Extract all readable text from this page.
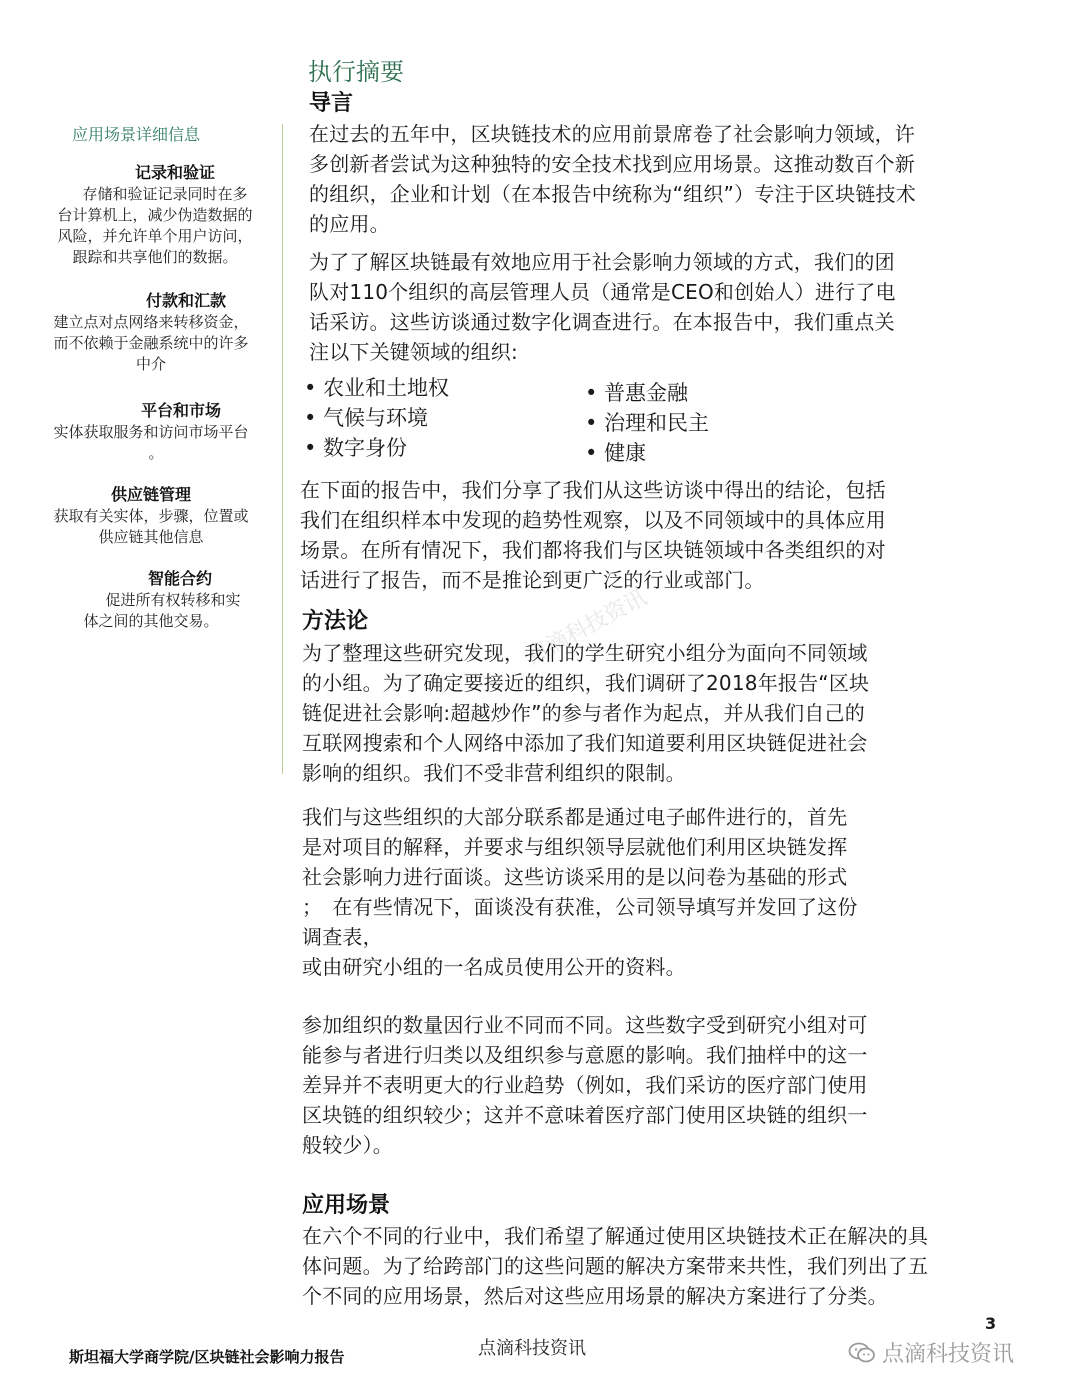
执行摘要
应用场景详细信息
记录和验证
存储和验证记录同时在多
台计算机上，减少伪造数据的
风险，并允许单个用户访问，
跟踪和共享他们的数据。
付款和汇款
建立点对点网络来转移资金，
而不依赖于金融系统中的许多
中介
平台和市场
实体获取服务和访问市场平台
。
供应链管理
获取有关实体，步骤，位置或
供应链其他信息
智能合约
促进所有权转移和实
体之间的其他交易。
导言
在过去的五年中，区块链技术的应用前景席卷了社会影响力领域，许
多创新者尝试为这种独特的安全技术找到应用场景。这推动数百个新
的组织，企业和计划（在本报告中统称为“组织”）专注于区块链技术
的应用。
为了了解区块链最有效地应用于社会影响力领域的方式，我们的团
队对110个组织的高层管理人员（通常是CEO和创始人）进行了电
话采访。这些访谈通过数字化调查进行。在本报告中，我们重点关
注以下关键领域的组织:
• 农业和土地权
• 气候与环境
• 数字身份
• 普惠金融
• 治理和民主
• 健康
在下面的报告中，我们分享了我们从这些访谈中得出的结论，包括
我们在组织样本中发现的趋势性观察，以及不同领域中的具体应用
场景。在所有情况下，我们都将我们与区块链领域中各类组织的对
话进行了报告，而不是推论到更广泛的行业或部门。
点滴科技资讯
方法论
为了整理这些研究发现，我们的学生研究小组分为面向不同领域
的小组。为了确定要接近的组织，我们调研了2018年报告“区块
链促进社会影响:超越炒作”的参与者作为起点，并从我们自己的
互联网搜索和个人网络中添加了我们知道要利用区块链促进社会
影响的组织。我们不受非营利组织的限制。
我们与这些组织的大部分联系都是通过电子邮件进行的，首先
是对项目的解释，并要求与组织领导层就他们利用区块链发挥
社会影响力进行面谈。这些访谈采用的是以问卷为基础的形式
；　在有些情况下，面谈没有获准，公司领导填写并发回了这份
调查表，
或由研究小组的一名成员使用公开的资料。
参加组织的数量因行业不同而不同。这些数字受到研究小组对可
能参与者进行归类以及组织参与意愿的影响。我们抽样中的这一
差异并不表明更大的行业趋势（例如，我们采访的医疗部门使用
区块链的组织较少；这并不意味着医疗部门使用区块链的组织一
般较少）。
应用场景
在六个不同的行业中，我们希望了解通过使用区块链技术正在解决的具
体问题。为了给跨部门的这些问题的解决方案带来共性，我们列出了五
个不同的应用场景，然后对这些应用场景的解决方案进行了分类。
3
斯坦福大学商学院/区块链社会影响力报告	点滴科技资讯	点滴科技资讯
